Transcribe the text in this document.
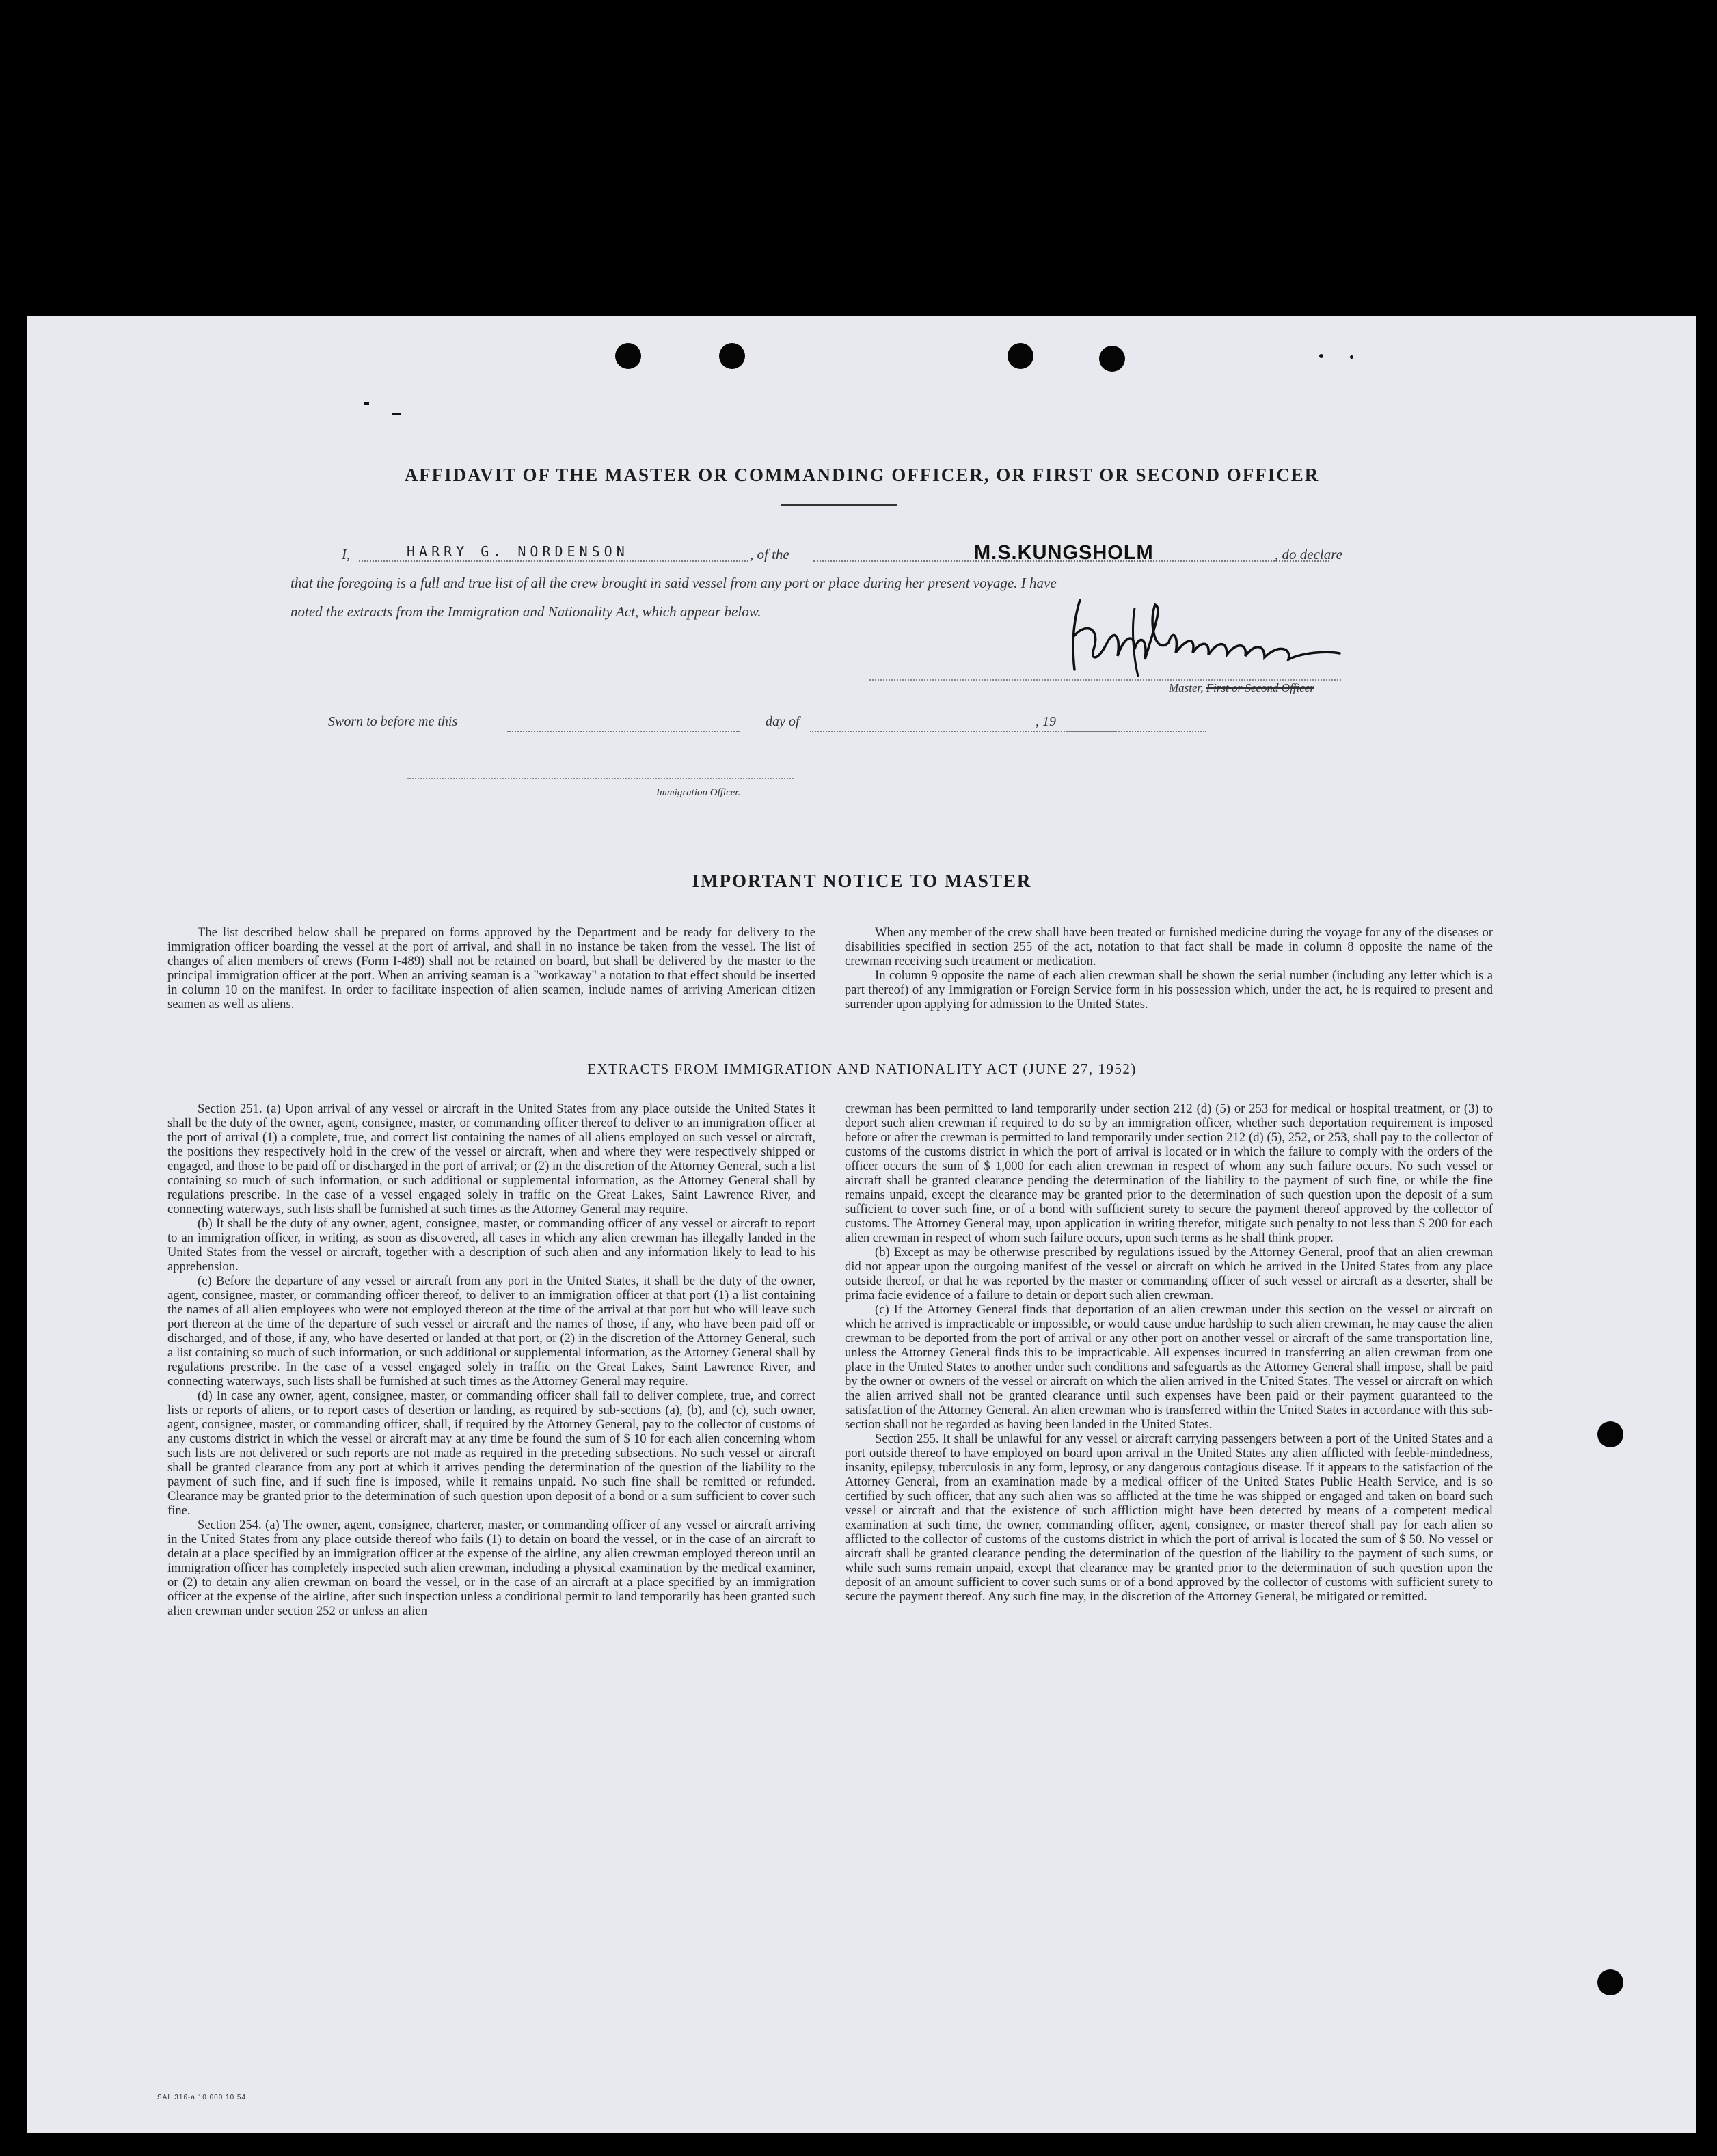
AFFIDAVIT OF THE MASTER OR COMMANDING OFFICER, OR FIRST OR SECOND OFFICER
I,	HARRY G. NORDENSON	, of the	M.S.KUNGSHOLM	, do declare
that the foregoing is a full and true list of all the crew brought in said vessel from any port or place during her present voyage. I have
noted the extracts from the Immigration and Nationality Act, which appear below.
Master, First or Second Officer
Sworn to before me this	day of	, 19
Immigration Officer.
IMPORTANT NOTICE TO MASTER

The list described below shall be prepared on forms approved by the Department and be ready for delivery to the immigration officer boarding the vessel at the port of arrival, and shall in no instance be taken from the vessel. The list of changes of alien members of crews (Form I-489) shall not be retained on board, but shall be delivered by the master to the principal immigration officer at the port. When an arriving seaman is a "workaway" a notation to that effect should be inserted in column 10 on the manifest. In order to facilitate inspection of alien seamen, include names of arriving American citizen seamen as well as aliens.

When any member of the crew shall have been treated or furnished medicine during the voyage for any of the diseases or disabilities specified in section 255 of the act, notation to that fact shall be made in column 8 opposite the name of the crewman receiving such treatment or medication.

In column 9 opposite the name of each alien crewman shall be shown the serial number (including any letter which is a part thereof) of any Immigration or Foreign Service form in his possession which, under the act, he is required to present and surrender upon applying for admission to the United States.

EXTRACTS FROM IMMIGRATION AND NATIONALITY ACT (JUNE 27, 1952)

Section 251. (a) Upon arrival of any vessel or aircraft in the United States from any place outside the United States it shall be the duty of the owner, agent, consignee, master, or commanding officer thereof to deliver to an immigration officer at the port of arrival (1) a complete, true, and correct list containing the names of all aliens employed on such vessel or aircraft, the positions they respectively hold in the crew of the vessel or aircraft, when and where they were respectively shipped or engaged, and those to be paid off or discharged in the port of arrival; or (2) in the discretion of the Attorney General, such a list containing so much of such information, or such additional or supplemental information, as the Attorney General shall by regulations prescribe. In the case of a vessel engaged solely in traffic on the Great Lakes, Saint Lawrence River, and connecting waterways, such lists shall be furnished at such times as the Attorney General may require.

(b) It shall be the duty of any owner, agent, consignee, master, or commanding officer of any vessel or aircraft to report to an immigration officer, in writing, as soon as discovered, all cases in which any alien crewman has illegally landed in the United States from the vessel or aircraft, together with a description of such alien and any information likely to lead to his apprehension.

(c) Before the departure of any vessel or aircraft from any port in the United States, it shall be the duty of the owner, agent, consignee, master, or commanding officer thereof, to deliver to an immigration officer at that port (1) a list containing the names of all alien employees who were not employed thereon at the time of the arrival at that port but who will leave such port thereon at the time of the departure of such vessel or aircraft and the names of those, if any, who have been paid off or discharged, and of those, if any, who have deserted or landed at that port, or (2) in the discretion of the Attorney General, such a list containing so much of such information, or such additional or supplemental information, as the Attorney General shall by regulations prescribe. In the case of a vessel engaged solely in traffic on the Great Lakes, Saint Lawrence River, and connecting waterways, such lists shall be furnished at such times as the Attorney General may require.

(d) In case any owner, agent, consignee, master, or commanding officer shall fail to deliver complete, true, and correct lists or reports of aliens, or to report cases of desertion or landing, as required by sub-sections (a), (b), and (c), such owner, agent, consignee, master, or commanding officer, shall, if required by the Attorney General, pay to the collector of customs of any customs district in which the vessel or aircraft may at any time be found the sum of $ 10 for each alien concerning whom such lists are not delivered or such reports are not made as required in the preceding subsections. No such vessel or aircraft shall be granted clearance from any port at which it arrives pending the determination of the question of the liability to the payment of such fine, and if such fine is imposed, while it remains unpaid. No such fine shall be remitted or refunded. Clearance may be granted prior to the determination of such question upon deposit of a bond or a sum sufficient to cover such fine.

Section 254. (a) The owner, agent, consignee, charterer, master, or commanding officer of any vessel or aircraft arriving in the United States from any place outside thereof who fails (1) to detain on board the vessel, or in the case of an aircraft to detain at a place specified by an immigration officer at the expense of the airline, any alien crewman employed thereon until an immigration officer has completely inspected such alien crewman, including a physical examination by the medical examiner, or (2) to detain any alien crewman on board the vessel, or in the case of an aircraft at a place specified by an immigration officer at the expense of the airline, after such inspection unless a conditional permit to land temporarily has been granted such alien crewman under section 252 or unless an alien

crewman has been permitted to land temporarily under section 212 (d) (5) or 253 for medical or hospital treatment, or (3) to deport such alien crewman if required to do so by an immigration officer, whether such deportation requirement is imposed before or after the crewman is permitted to land temporarily under section 212 (d) (5), 252, or 253, shall pay to the collector of customs of the customs district in which the port of arrival is located or in which the failure to comply with the orders of the officer occurs the sum of $ 1,000 for each alien crewman in respect of whom any such failure occurs. No such vessel or aircraft shall be granted clearance pending the determination of the liability to the payment of such fine, or while the fine remains unpaid, except the clearance may be granted prior to the determination of such question upon the deposit of a sum sufficient to cover such fine, or of a bond with sufficient surety to secure the payment thereof approved by the collector of customs. The Attorney General may, upon application in writing therefor, mitigate such penalty to not less than $ 200 for each alien crewman in respect of whom such failure occurs, upon such terms as he shall think proper.

(b) Except as may be otherwise prescribed by regulations issued by the Attorney General, proof that an alien crewman did not appear upon the outgoing manifest of the vessel or aircraft on which he arrived in the United States from any place outside thereof, or that he was reported by the master or commanding officer of such vessel or aircraft as a deserter, shall be prima facie evidence of a failure to detain or deport such alien crewman.

(c) If the Attorney General finds that deportation of an alien crewman under this section on the vessel or aircraft on which he arrived is impracticable or impossible, or would cause undue hardship to such alien crewman, he may cause the alien crewman to be deported from the port of arrival or any other port on another vessel or aircraft of the same transportation line, unless the Attorney General finds this to be impracticable. All expenses incurred in transferring an alien crewman from one place in the United States to another under such conditions and safeguards as the Attorney General shall impose, shall be paid by the owner or owners of the vessel or aircraft on which the alien arrived in the United States. The vessel or aircraft on which the alien arrived shall not be granted clearance until such expenses have been paid or their payment guaranteed to the satisfaction of the Attorney General. An alien crewman who is transferred within the United States in accordance with this sub-section shall not be regarded as having been landed in the United States.

Section 255. It shall be unlawful for any vessel or aircraft carrying passengers between a port of the United States and a port outside thereof to have employed on board upon arrival in the United States any alien afflicted with feeble-mindedness, insanity, epilepsy, tuberculosis in any form, leprosy, or any dangerous contagious disease. If it appears to the satisfaction of the Attorney General, from an examination made by a medical officer of the United States Public Health Service, and is so certified by such officer, that any such alien was so afflicted at the time he was shipped or engaged and taken on board such vessel or aircraft and that the existence of such affliction might have been detected by means of a competent medical examination at such time, the owner, commanding officer, agent, consignee, or master thereof shall pay for each alien so afflicted to the collector of customs of the customs district in which the port of arrival is located the sum of $ 50. No vessel or aircraft shall be granted clearance pending the determination of the question of the liability to the payment of such sums, or while such sums remain unpaid, except that clearance may be granted prior to the determination of such question upon the deposit of an amount sufficient to cover such sums or of a bond approved by the collector of customs with sufficient surety to secure the payment thereof. Any such fine may, in the discretion of the Attorney General, be mitigated or remitted.

SAL 316-a 10.000 10 54
